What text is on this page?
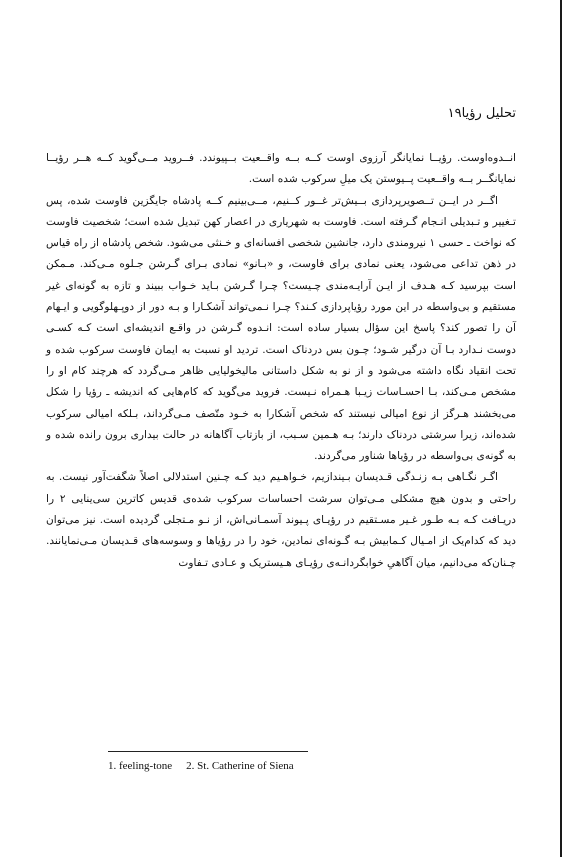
تحلیل رؤیا
۱۹

انــدوه‌اوست. رؤیــا نمایانگر آرزوی اوست کــه بــه واقــعیت بــپیوندد. فــروید مــی‌گوید کــه هــر رؤیــا نمایانگــر بــه واقــعیت پــیوستن یک میلِ سرکوب شده است.

اگــر در ایــن تــصویرپردازی بــیش‌تر غــور کــنیم، مــی‌بینیم کــه پادشاه جایگزین فاوست شده، پس تـغییر و تـبدیلی انـجام گـرفته است. فاوست به شهریاری در اعصار کهن تبدیل شده است؛ شخصیت فاوست که نواخت ـ حسی ۱ نیرومندی دارد، جانشین شخصی افسانه‌ای و خـنثی می‌شود. شخص پادشاه از راه قیاس در ذهن تداعی می‌شود، یعنی نمادی برای فاوست، و «بـانو» نمادی بـرای گـرشن جـلوه مـی‌کند. مـمکن است بپرسید کـه هـدف از ایـن آرایـه‌مندی چـیست؟ چـرا گـرشن بـاید خـواب ببیند و تازه به گونه‌ای غیر مستقیم و بی‌واسطه در این مورد رؤیاپردازی کـند؟ چـرا نـمی‌تواند آشکـارا و بـه دور از دوپـهلوگویی و ایـهام آن را تصور کند؟ پاسخ این سؤال بسیار ساده است: انـدوه گـرشن در واقـع اندیشه‌ای است کـه کسـی دوست نـدارد بـا آن درگیر شـود؛ چـون بس دردناک است. تردید او نسبت به ایمان فاوست سرکوب شده و تحت انقیاد نگاه داشته می‌شود و از نو به شکل داستانی مالیخولیایی ظاهر مـی‌گردد که هرچند کام او را مشخص مـی‌کند، بـا احسـاسات زیـبا هـمراه نـیست. فروید می‌گوید که کام‌هایی که اندیشه ـ رؤیا را شکل می‌بخشند هـرگز از نوع امیالی نیستند که شخص آشکارا به خـود متّصف مـی‌گرداند، بـلکه امیالی سرکوب شده‌اند، زیرا سرشتی دردناک دارند؛ بـه هـمین سـبب، از بازتاب آگاهانه در حالت بیداری برون رانده شده و به گونه‌ی بی‌واسطه در رؤیاها شناور می‌گردند.

اگـر نگـاهی بـه زنـدگی قـدیسان بـیندازیم، خـواهـیم دید کـه چـنین استدلالی اصلاً شگفت‌آور نیست. به راحتی و بدون هیچ مشکلی مـی‌توان سرشت احساسات سرکوب شده‌ی قدیس کاترین سی‌ینایی ۲ را دریـافت کـه بـه طـور غـیر مسـتقیم در رؤیـای پـیوند آسمـانی‌اش، از نـو مـتجلی گردیده است. نیز می‌توان دید که کدام‌یک از امـیال کـمابیش بـه گـونه‌ای نمادین، خود را در رؤیاها و وسوسه‌های قـدیسان مـی‌نمایانند. چـنان‌که می‌دانیم، میان آگاهیِ خوابگردانـه‌ی رؤیـای هـیستریک و عـادی تـفاوت

1. feeling-tone 2. St. Catherine of Siena
